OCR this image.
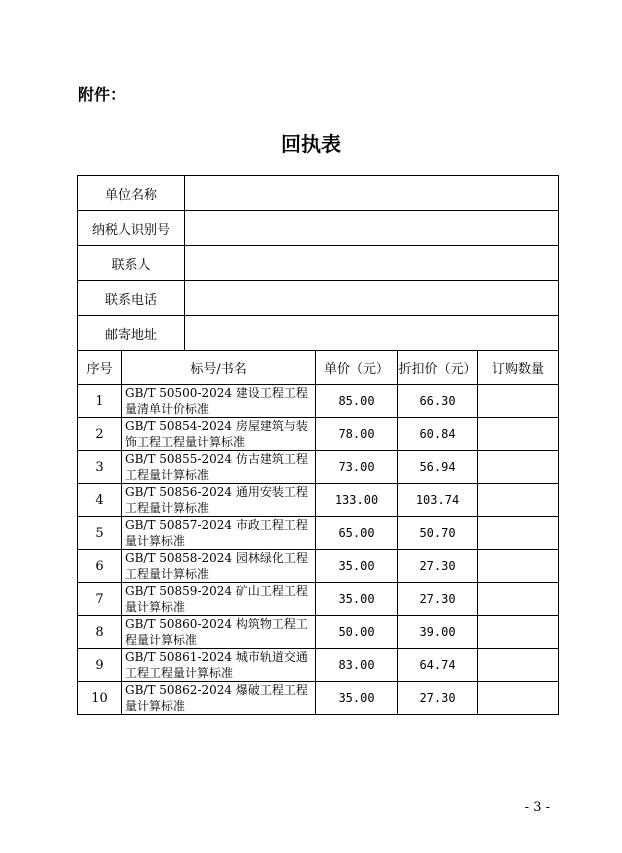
附件：
回执表
单位名称					
纳税人识别号					
联系人					
联系电话					
邮寄地址					
序号	标号/书名		单价（元）	折扣价（元）	订购数量
1	GB/T 50500-2024 建设工程工程量清单计价标准		85.00	66.30	
2	GB/T 50854-2024 房屋建筑与装饰工程工程量计算标准		78.00	60.84	
3	GB/T 50855-2024 仿古建筑工程工程量计算标准		73.00	56.94	
4	GB/T 50856-2024 通用安装工程工程量计算标准		133.00	103.74	
5	GB/T 50857-2024 市政工程工程量计算标准		65.00	50.70	
6	GB/T 50858-2024 园林绿化工程工程量计算标准		35.00	27.30	
7	GB/T 50859-2024 矿山工程工程量计算标准		35.00	27.30	
8	GB/T 50860-2024 构筑物工程工程量计算标准		50.00	39.00	
9	GB/T 50861-2024 城市轨道交通工程工程量计算标准		83.00	64.74	
10	GB/T 50862-2024 爆破工程工程量计算标准		35.00	27.30	
- 3 -
